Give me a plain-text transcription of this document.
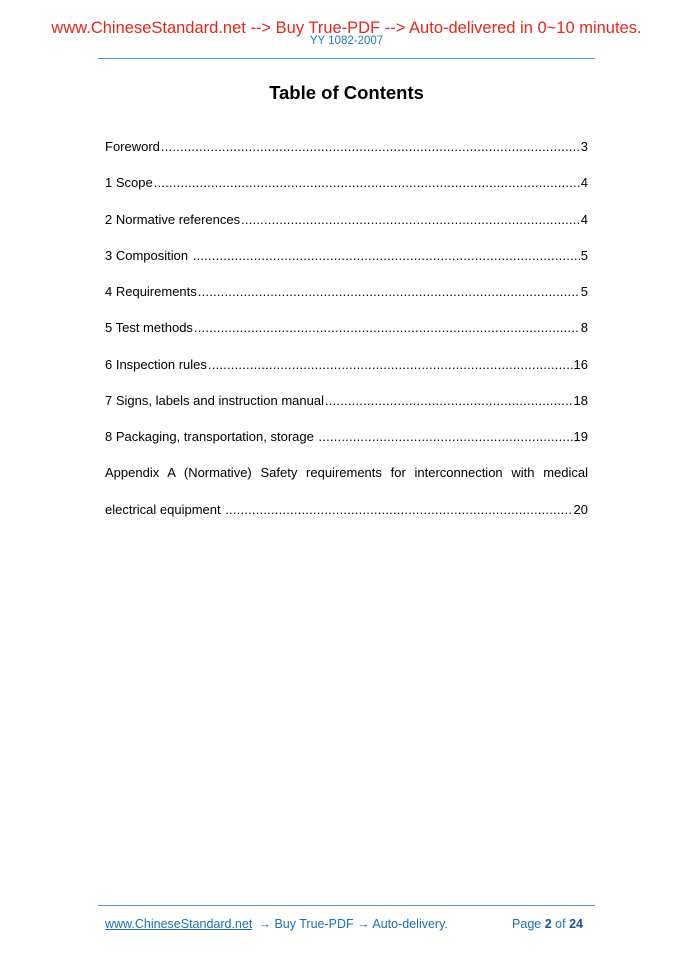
www.ChineseStandard.net --> Buy True-PDF --> Auto-delivered in 0~10 minutes.
YY 1082-2007
Table of Contents
Foreword .....	3
1 Scope .....	4
2 Normative references .....	4
3 Composition .....	5
4 Requirements .....	5
5 Test methods .....	8
6 Inspection rules .....	16
7 Signs, labels and instruction manual .....	18
8 Packaging, transportation, storage .....	19
Appendix A (Normative) Safety requirements for interconnection with medical
electrical equipment .....	20
www.ChineseStandard.net → Buy True-PDF → Auto-delivery.	Page 2 of 24
